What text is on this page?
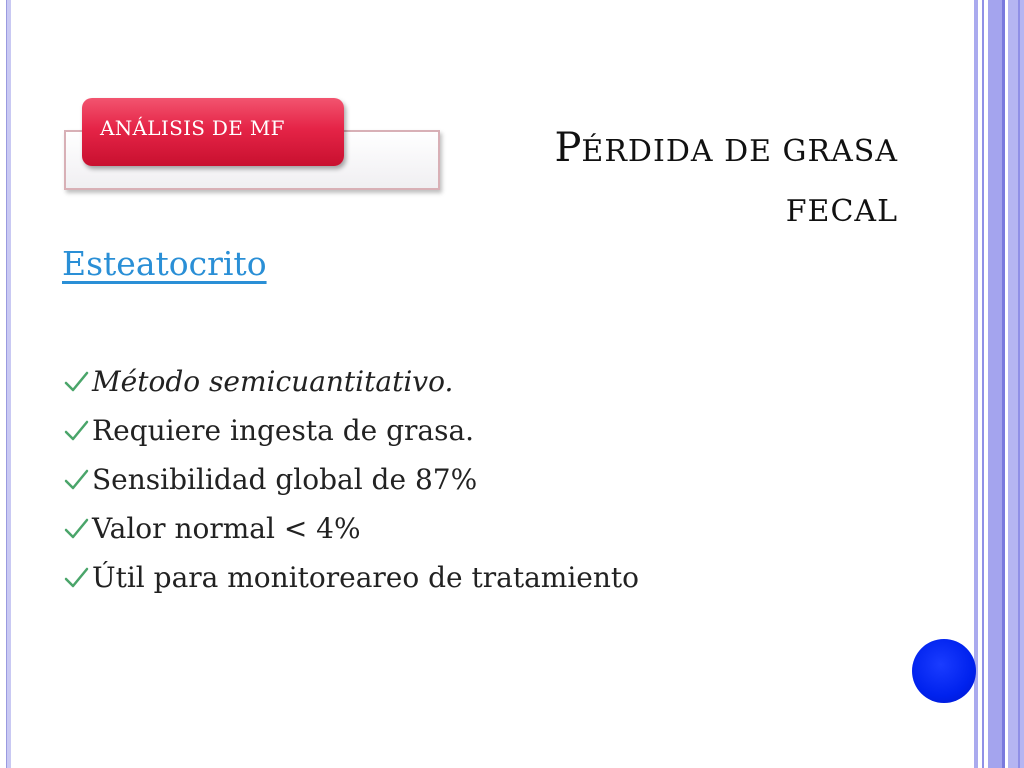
ANÁLISIS DE MF	PÉRDIDA DE GRASA
FECAL
Esteatocrito
Método semicuantitativo.
Requiere ingesta de grasa.
Sensibilidad global de 87%
Valor normal < 4%
Útil para monitoreareo de tratamiento
